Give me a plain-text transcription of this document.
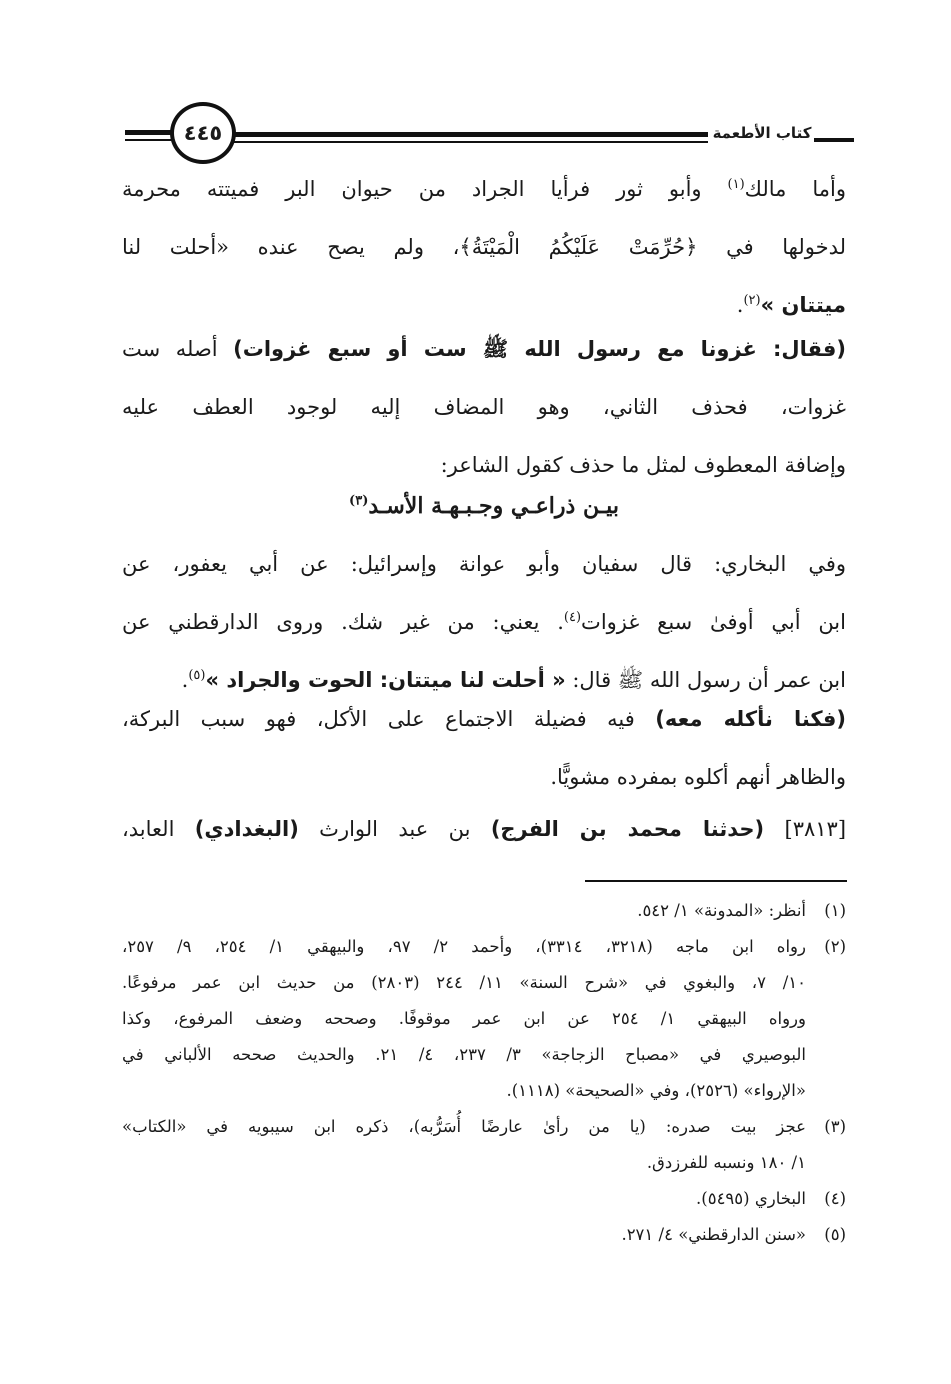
٤٤٥	كتاب الأطعمة
وأما مالك$^{(١)}$ وأبو ثور فرأيا الجراد من حيوان البر فميتته محرمة
لدخولها في ﴿حُرِّمَتْ عَلَيْكُمُ الْمَيْتَةُ﴾، ولم يصح عنده «أحلت لنا
ميتتان »$^{(٢)}$.
(فقال: غزونا مع رسول الله ﷺ ست أو سبع غزوات) أصله ست
غزوات، فحذف الثاني، وهو المضاف إليه لوجود العطف عليه
وإضافة المعطوف لمثل ما حذف كقول الشاعر:
بيـن ذراعـي وجـبـهـة الأسـد$^{(٣)}$
وفي البخاري: قال سفيان وأبو عوانة وإسرائيل: عن أبي يعفور، عن
ابن أبي أوفىٰ سبع غزوات$^{(٤)}$. يعني: من غير شك. وروى الدارقطني عن
ابن عمر أن رسول الله ﷺ قال: « أحلت لنا ميتتان: الحوت والجراد »$^{(٥)}$.
(فكنا نأكله معه) فيه فضيلة الاجتماع على الأكل، فهو سبب البركة،
والظاهر أنهم أكلوه بمفرده مشويًّا.
[٣٨١٣] (حدثنا محمد بن الفرج) بن عبد الوارث (البغدادي) العابد،
(١)
أنظر: «المدونة» ١/ ٥٤٢.
(٢)
رواه ابن ماجه (٣٢١٨، ٣٣١٤)، وأحمد ٢/ ٩٧، والبيهقي ١/ ٢٥٤، ٩/ ٢٥٧،
١٠/ ٧، والبغوي في «شرح السنة» ١١/ ٢٤٤ (٢٨٠٣) من حديث ابن عمر مرفوعًا.
ورواه البيهقي ١/ ٢٥٤ عن ابن عمر موقوفًا. وصححه وضعف المرفوع، وكذا
البوصيري في «مصباح الزجاجة» ٣/ ٢٣٧، ٤/ ٢١. والحديث صححه الألباني في
«الإرواء» (٢٥٢٦)، وفي «الصحيحة» (١١١٨).
(٣)
عجز بيت صدره: (يا من رأىٰ عارضًا أُسَرُّبه)، ذكره ابن سيبويه في «الكتاب»
١/ ١٨٠ ونسبه للفرزدق.
(٤)
البخاري (٥٤٩٥).
(٥)
«سنن الدارقطني» ٤/ ٢٧١.
